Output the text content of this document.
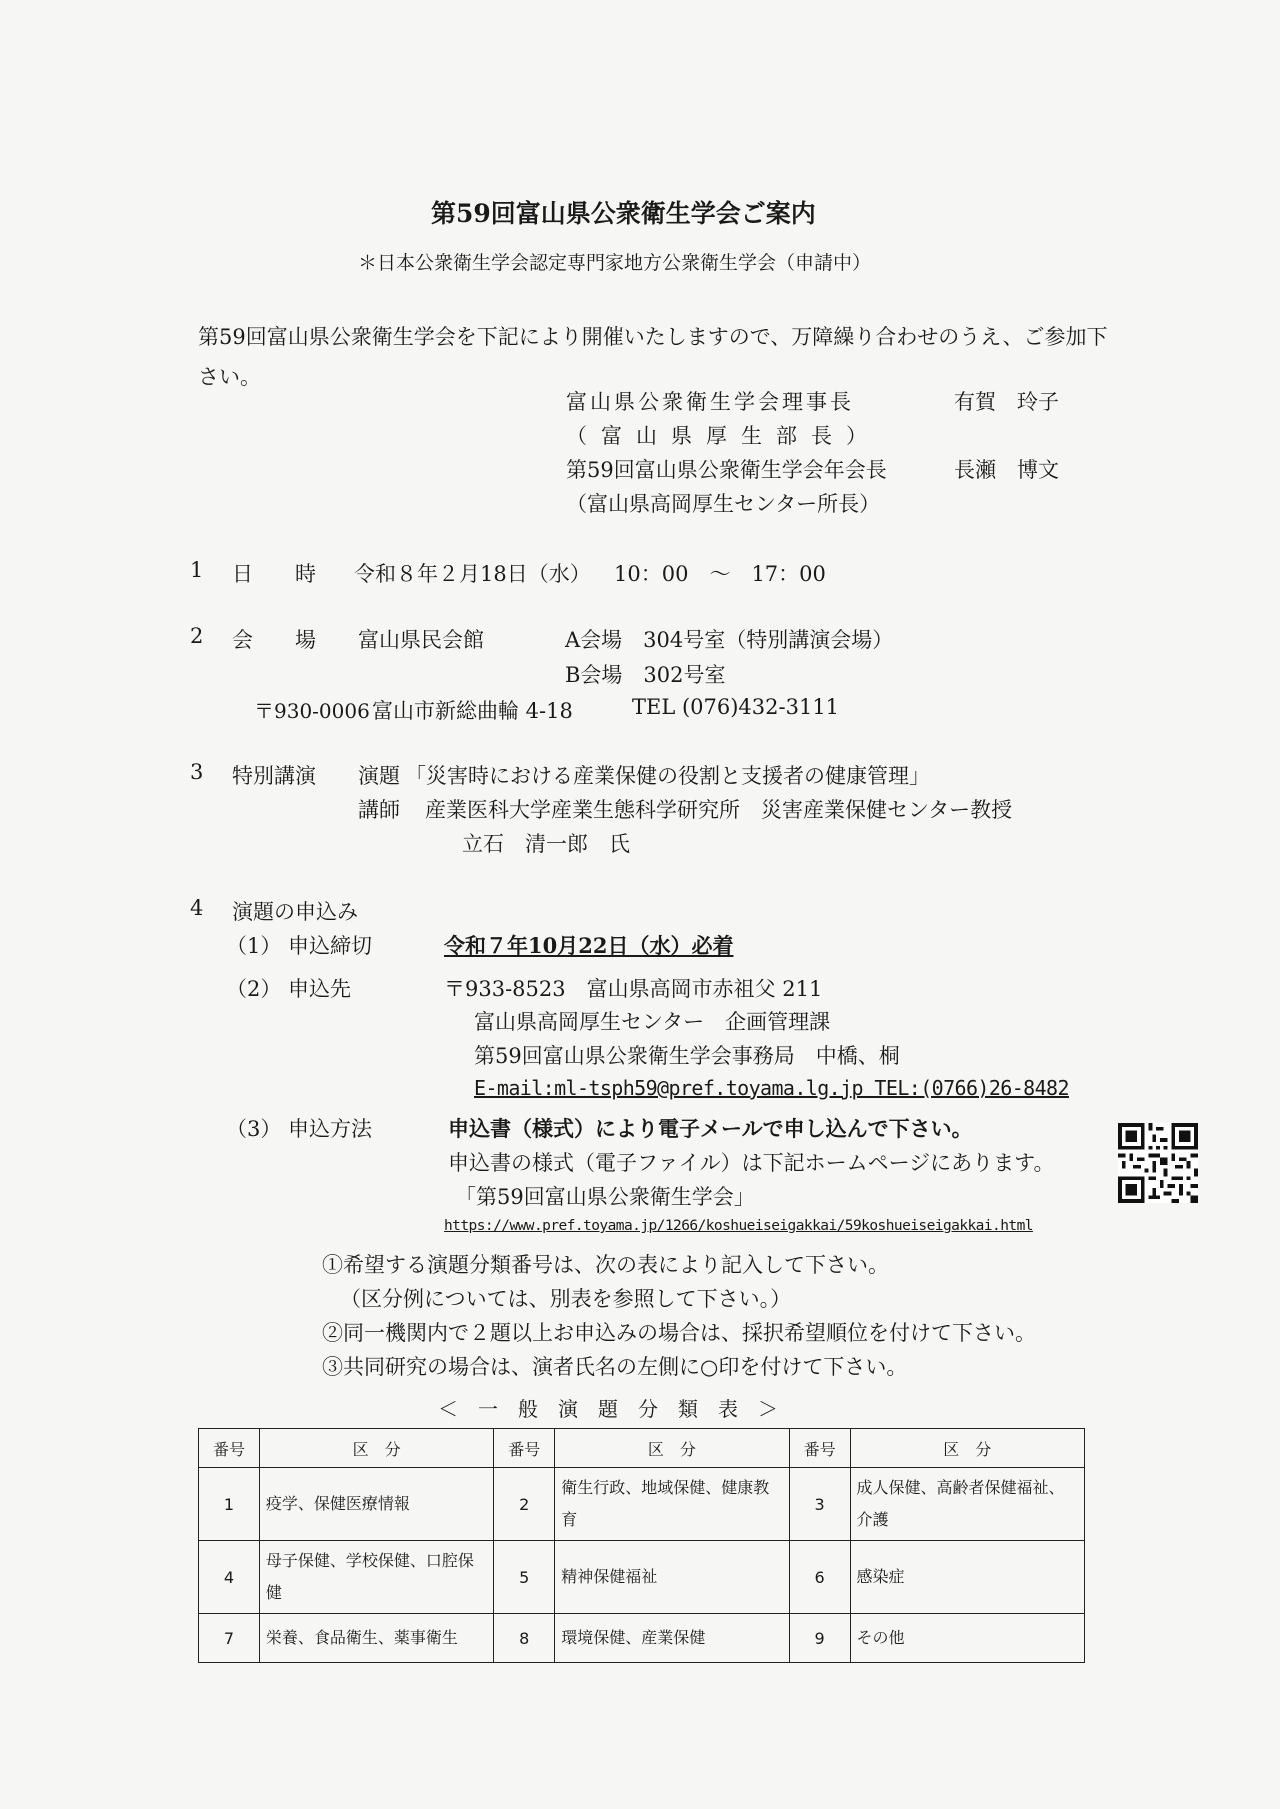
第59回富山県公衆衛生学会ご案内
＊日本公衆衛生学会認定専門家地方公衆衛生学会（申請中）
第59回富山県公衆衛生学会を下記により開催いたしますので、万障繰り合わせのうえ、ご参加下さい。
富山県公衆衛生学会理事長	有賀　玲子
（富山県厚生部長）
第59回富山県公衆衛生学会年会長	長瀬　博文
（富山県高岡厚生センター所長）
1 日　　時 令和８年２月18日（水） 10：00　～　17：00
2 会　　場 富山県民会館	A会場　304号室（特別講演会場）
B会場　302号室
〒930-0006 富山市新総曲輪 4-18	TEL (076)432-3111
3 特別講演 演題 「災害時における産業保健の役割と支援者の健康管理」
講師 産業医科大学産業生態科学研究所　災害産業保健センター教授
立石　清一郎　氏
4 演題の申込み
（1） 申込締切	令和７年10月22日（水）必着
（2） 申込先	〒933-8523　富山県高岡市赤祖父 211
富山県高岡厚生センター　企画管理課
第59回富山県公衆衛生学会事務局　中橋、桐
E-mail:ml-tsph59@pref.toyama.lg.jp TEL:(0766)26-8482
（3） 申込方法	申込書（様式）により電子メールで申し込んで下さい。
申込書の様式（電子ファイル）は下記ホームページにあります。
「第59回富山県公衆衛生学会」
https://www.pref.toyama.jp/1266/koshueiseigakkai/59koshueiseigakkai.html
①希望する演題分類番号は、次の表により記入して下さい。
（区分例については、別表を参照して下さい。）
②同一機関内で２題以上お申込みの場合は、採択希望順位を付けて下さい。
③共同研究の場合は、演者氏名の左側に○印を付けて下さい。
＜　一　般　演　題　分　類　表　＞
番号	区　分	番号	区　分	番号	区　分
1	疫学、保健医療情報	2	衛生行政、地域保健、健康教育	3	成人保健、高齢者保健福祉、介護
4	母子保健、学校保健、口腔保健	5	精神保健福祉	6	感染症
7	栄養、食品衛生、薬事衛生	8	環境保健、産業保健	9	その他
